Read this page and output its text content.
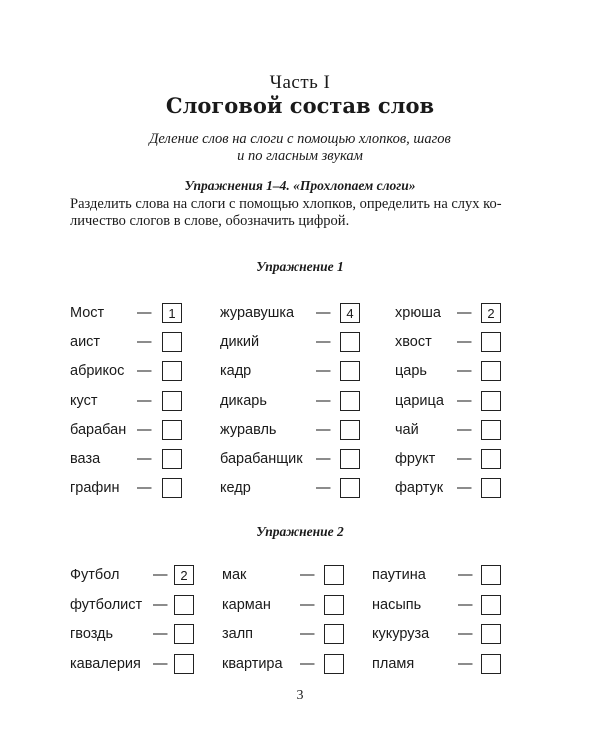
Часть I
Слоговой состав слов
Деление слов на слоги с помощью хлопков, шагов
и по гласным звукам
Упражнения 1–4. «Прохлопаем слоги»
Разделить слова на слоги с помощью хлопков, определить на слух ко-
личество слогов в слове, обозначить цифрой.
Упражнение 1
Мост —	1
аист	—
абрикос —
куст	—
барабан —
ваза	—
графин —
журавушка —	4
дикий	—
кадр	—
дикарь	—
журавль	—
барабанщик —
кедр	—
хрюша —	2
хвост —
царь —
царица —
чай	—
фрукт —
фартук —
Упражнение 2
Футбол — 2
футболист —
гвоздь	—
кавалерия —
мак	—
карман —
залп	—
квартира —
паутина —
насыпь	—
кукуруза —
пламя	—
3
